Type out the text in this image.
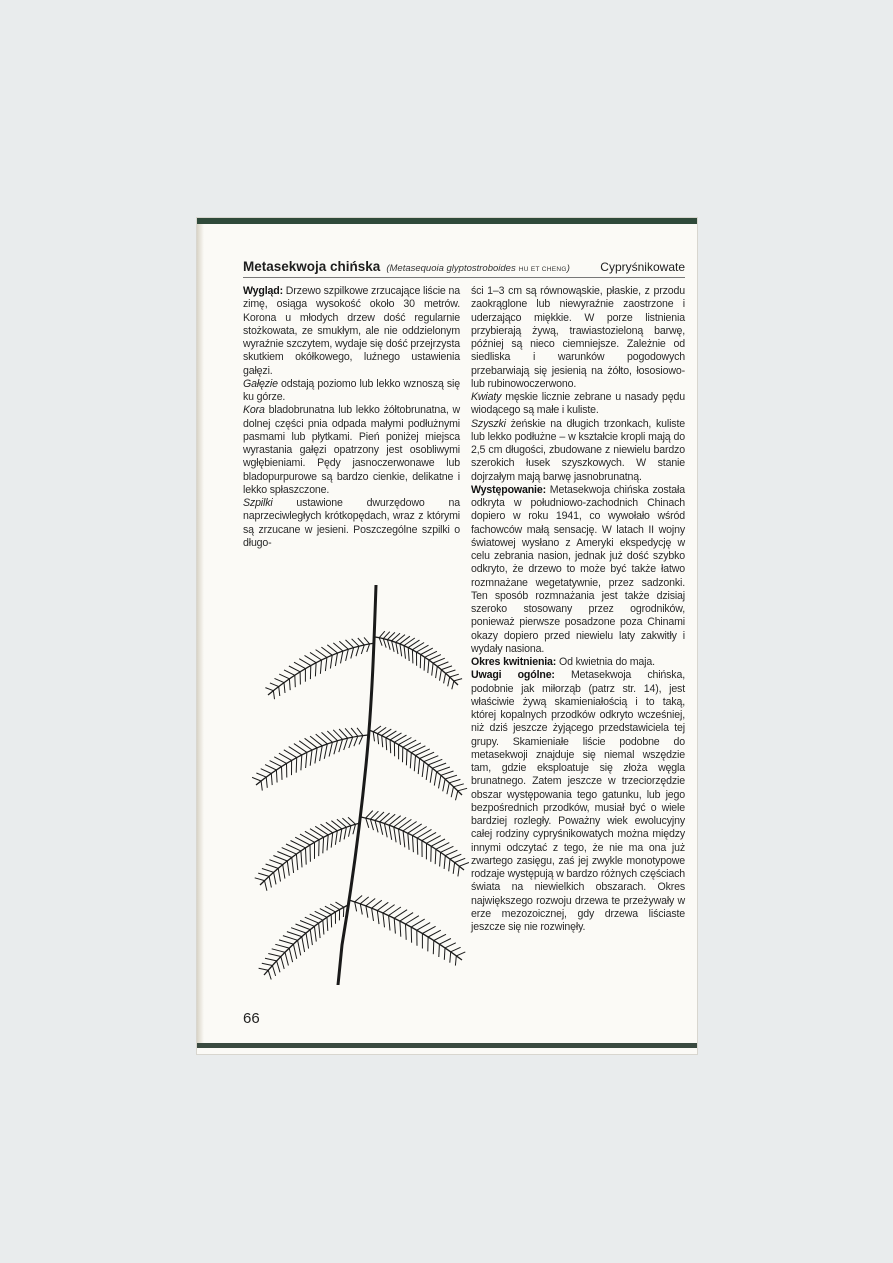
Metasekwoja chińska (Metasequoia glyptostroboides HU ET CHENG )	Cypryśnikowate

Wygląd: Drzewo szpilkowe zrzucające liście na zimę, osiąga wysokość około 30 metrów. Korona u młodych drzew dość regularnie stożkowata, ze smukłym, ale nie oddzielonym wyraźnie szczytem, wydaje się dość przejrzysta skutkiem okółkowego, luźnego ustawienia gałęzi.

Gałęzie odstają poziomo lub lekko wznoszą się ku górze.

Kora bladobrunatna lub lekko żółtobrunatna, w dolnej części pnia odpada małymi podłużnymi pasmami lub płytkami. Pień poniżej miejsca wyrastania gałęzi opatrzony jest osobliwymi wgłębieniami. Pędy jasnoczerwonawe lub bladopurpurowe są bardzo cienkie, delikatne i lekko spłaszczone.

Szpilki ustawione dwurzędowo na naprzeciwległych krótkopędach, wraz z którymi są zrzucane w jesieni. Poszczególne szpilki o długo-

ści 1–3 cm są równowąskie, płaskie, z przodu zaokrąglone lub niewyraźnie zaostrzone i uderzająco miękkie. W porze listnienia przybierają żywą, trawiastozieloną barwę, później są nieco ciemniejsze. Zależnie od siedliska i warunków pogodowych przebarwiają się jesienią na żółto, łososiowo- lub rubinowoczerwono.

Kwiaty męskie licznie zebrane u nasady pędu wiodącego są małe i kuliste.

Szyszki żeńskie na długich trzonkach, kuliste lub lekko podłużne – w kształcie kropli mają do 2,5 cm długości, zbudowane z niewielu bardzo szerokich łusek szyszkowych. W stanie dojrzałym mają barwę jasnobrunatną.

Występowanie: Metasekwoja chińska została odkryta w południowo-zachodnich Chinach dopiero w roku 1941, co wywołało wśród fachowców małą sensację. W latach II wojny światowej wysłano z Ameryki ekspedycję w celu zebrania nasion, jednak już dość szybko odkryto, że drzewo to może być także łatwo rozmnażane wegetatywnie, przez sadzonki. Ten sposób rozmnażania jest także dzisiaj szeroko stosowany przez ogrodników, ponieważ pierwsze posadzone poza Chinami okazy dopiero przed niewielu laty zakwitły i wydały nasiona.

Okres kwitnienia: Od kwietnia do maja.

Uwagi ogólne: Metasekwoja chińska, podobnie jak miłorząb (patrz str. 14), jest właściwie żywą skamieniałością i to taką, której kopalnych przodków odkryto wcześniej, niż dziś jeszcze żyjącego przedstawiciela tej grupy. Skamieniałe liście podobne do metasekwoji znajduje się niemal wszędzie tam, gdzie eksploatuje się złoża węgla brunatnego. Zatem jeszcze w trzeciorzędzie obszar występowania tego gatunku, lub jego bezpośrednich przodków, musiał być o wiele bardziej rozległy. Poważny wiek ewolucyjny całej rodziny cypryśnikowatych można między innymi odczytać z tego, że nie ma ona już zwartego zasięgu, zaś jej zwykle monotypowe rodzaje występują w bardzo różnych częściach świata na niewielkich obszarach. Okres największego rozwoju drzewa te przeżywały w erze mezozoicznej, gdy drzewa liściaste jeszcze się nie rozwinęły.

66
